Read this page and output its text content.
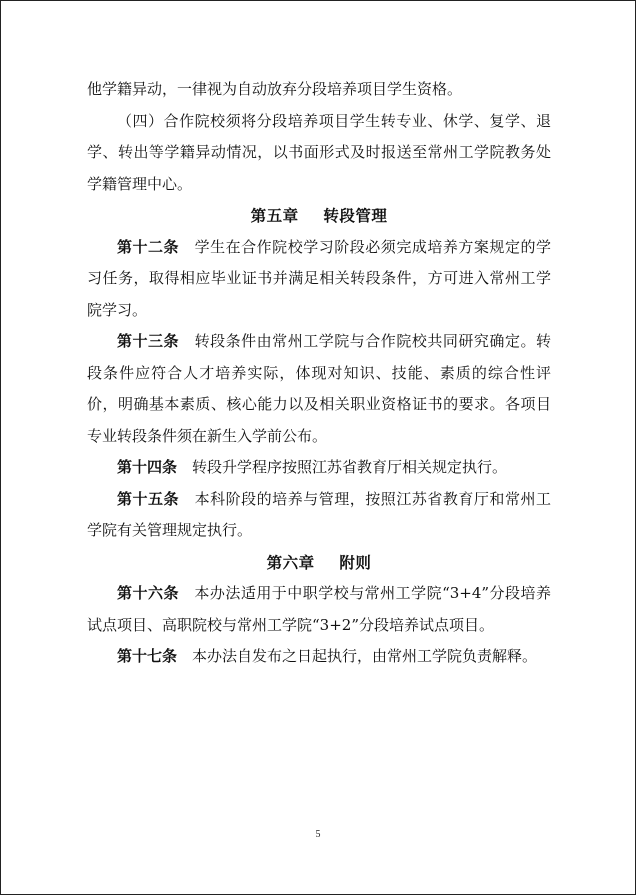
他学籍异动，一律视为自动放弃分段培养项目学生资格。

（四）合作院校须将分段培养项目学生转专业、休学、复学、退学、转出等学籍异动情况，以书面形式及时报送至常州工学院教务处学籍管理中心。

第五章 转段管理

第十二条 学生在合作院校学习阶段必须完成培养方案规定的学习任务，取得相应毕业证书并满足相关转段条件，方可进入常州工学院学习。

第十三条 转段条件由常州工学院与合作院校共同研究确定。转段条件应符合人才培养实际，体现对知识、技能、素质的综合性评价，明确基本素质、核心能力以及相关职业资格证书的要求。各项目专业转段条件须在新生入学前公布。

第十四条 转段升学程序按照江苏省教育厅相关规定执行。

第十五条 本科阶段的培养与管理，按照江苏省教育厅和常州工学院有关管理规定执行。

第六章 附则

第十六条 本办法适用于中职学校与常州工学院“3+4”分段培养试点项目、高职院校与常州工学院“3+2”分段培养试点项目。

第十七条 本办法自发布之日起执行，由常州工学院负责解释。

5
